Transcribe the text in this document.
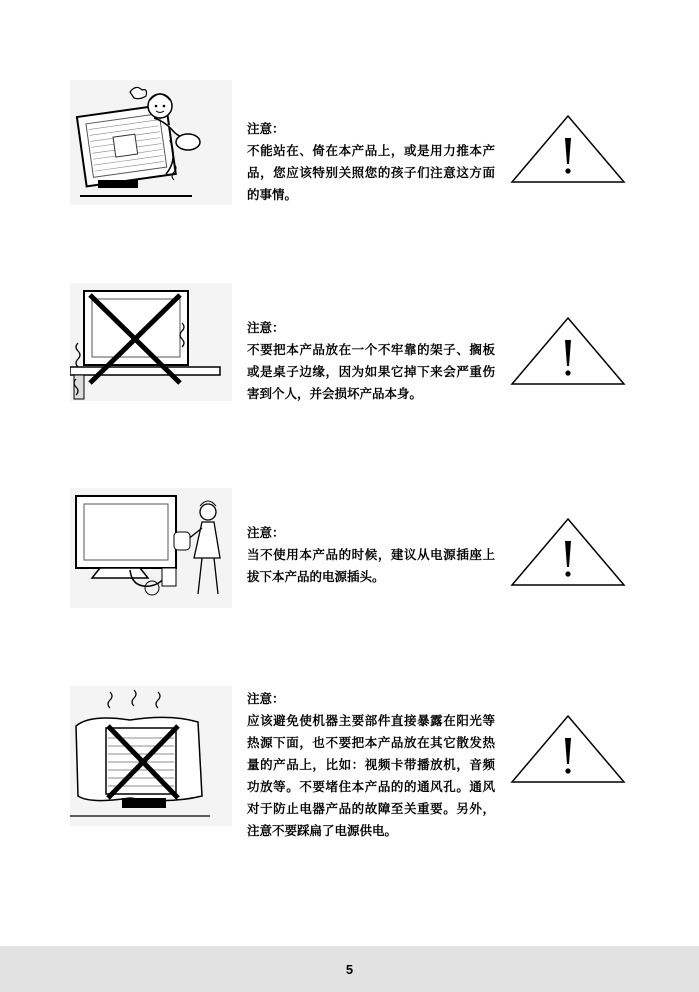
注意：
不能站在、倚在本产品上，或是用力推本产品，您应该特别关照您的孩子们注意这方面的事情。
注意：
不要把本产品放在一个不牢靠的架子、搁板或是桌子边缘，因为如果它掉下来会严重伤害到个人，并会损坏产品本身。
注意：
当不使用本产品的时候，建议从电源插座上拔下本产品的电源插头。
注意：
应该避免使机器主要部件直接暴露在阳光等热源下面，也不要把本产品放在其它散发热量的产品上，比如：视频卡带播放机，音频功放等。不要堵住本产品的的通风孔。通风对于防止电器产品的故障至关重要。另外，注意不要踩扁了电源供电。
5
